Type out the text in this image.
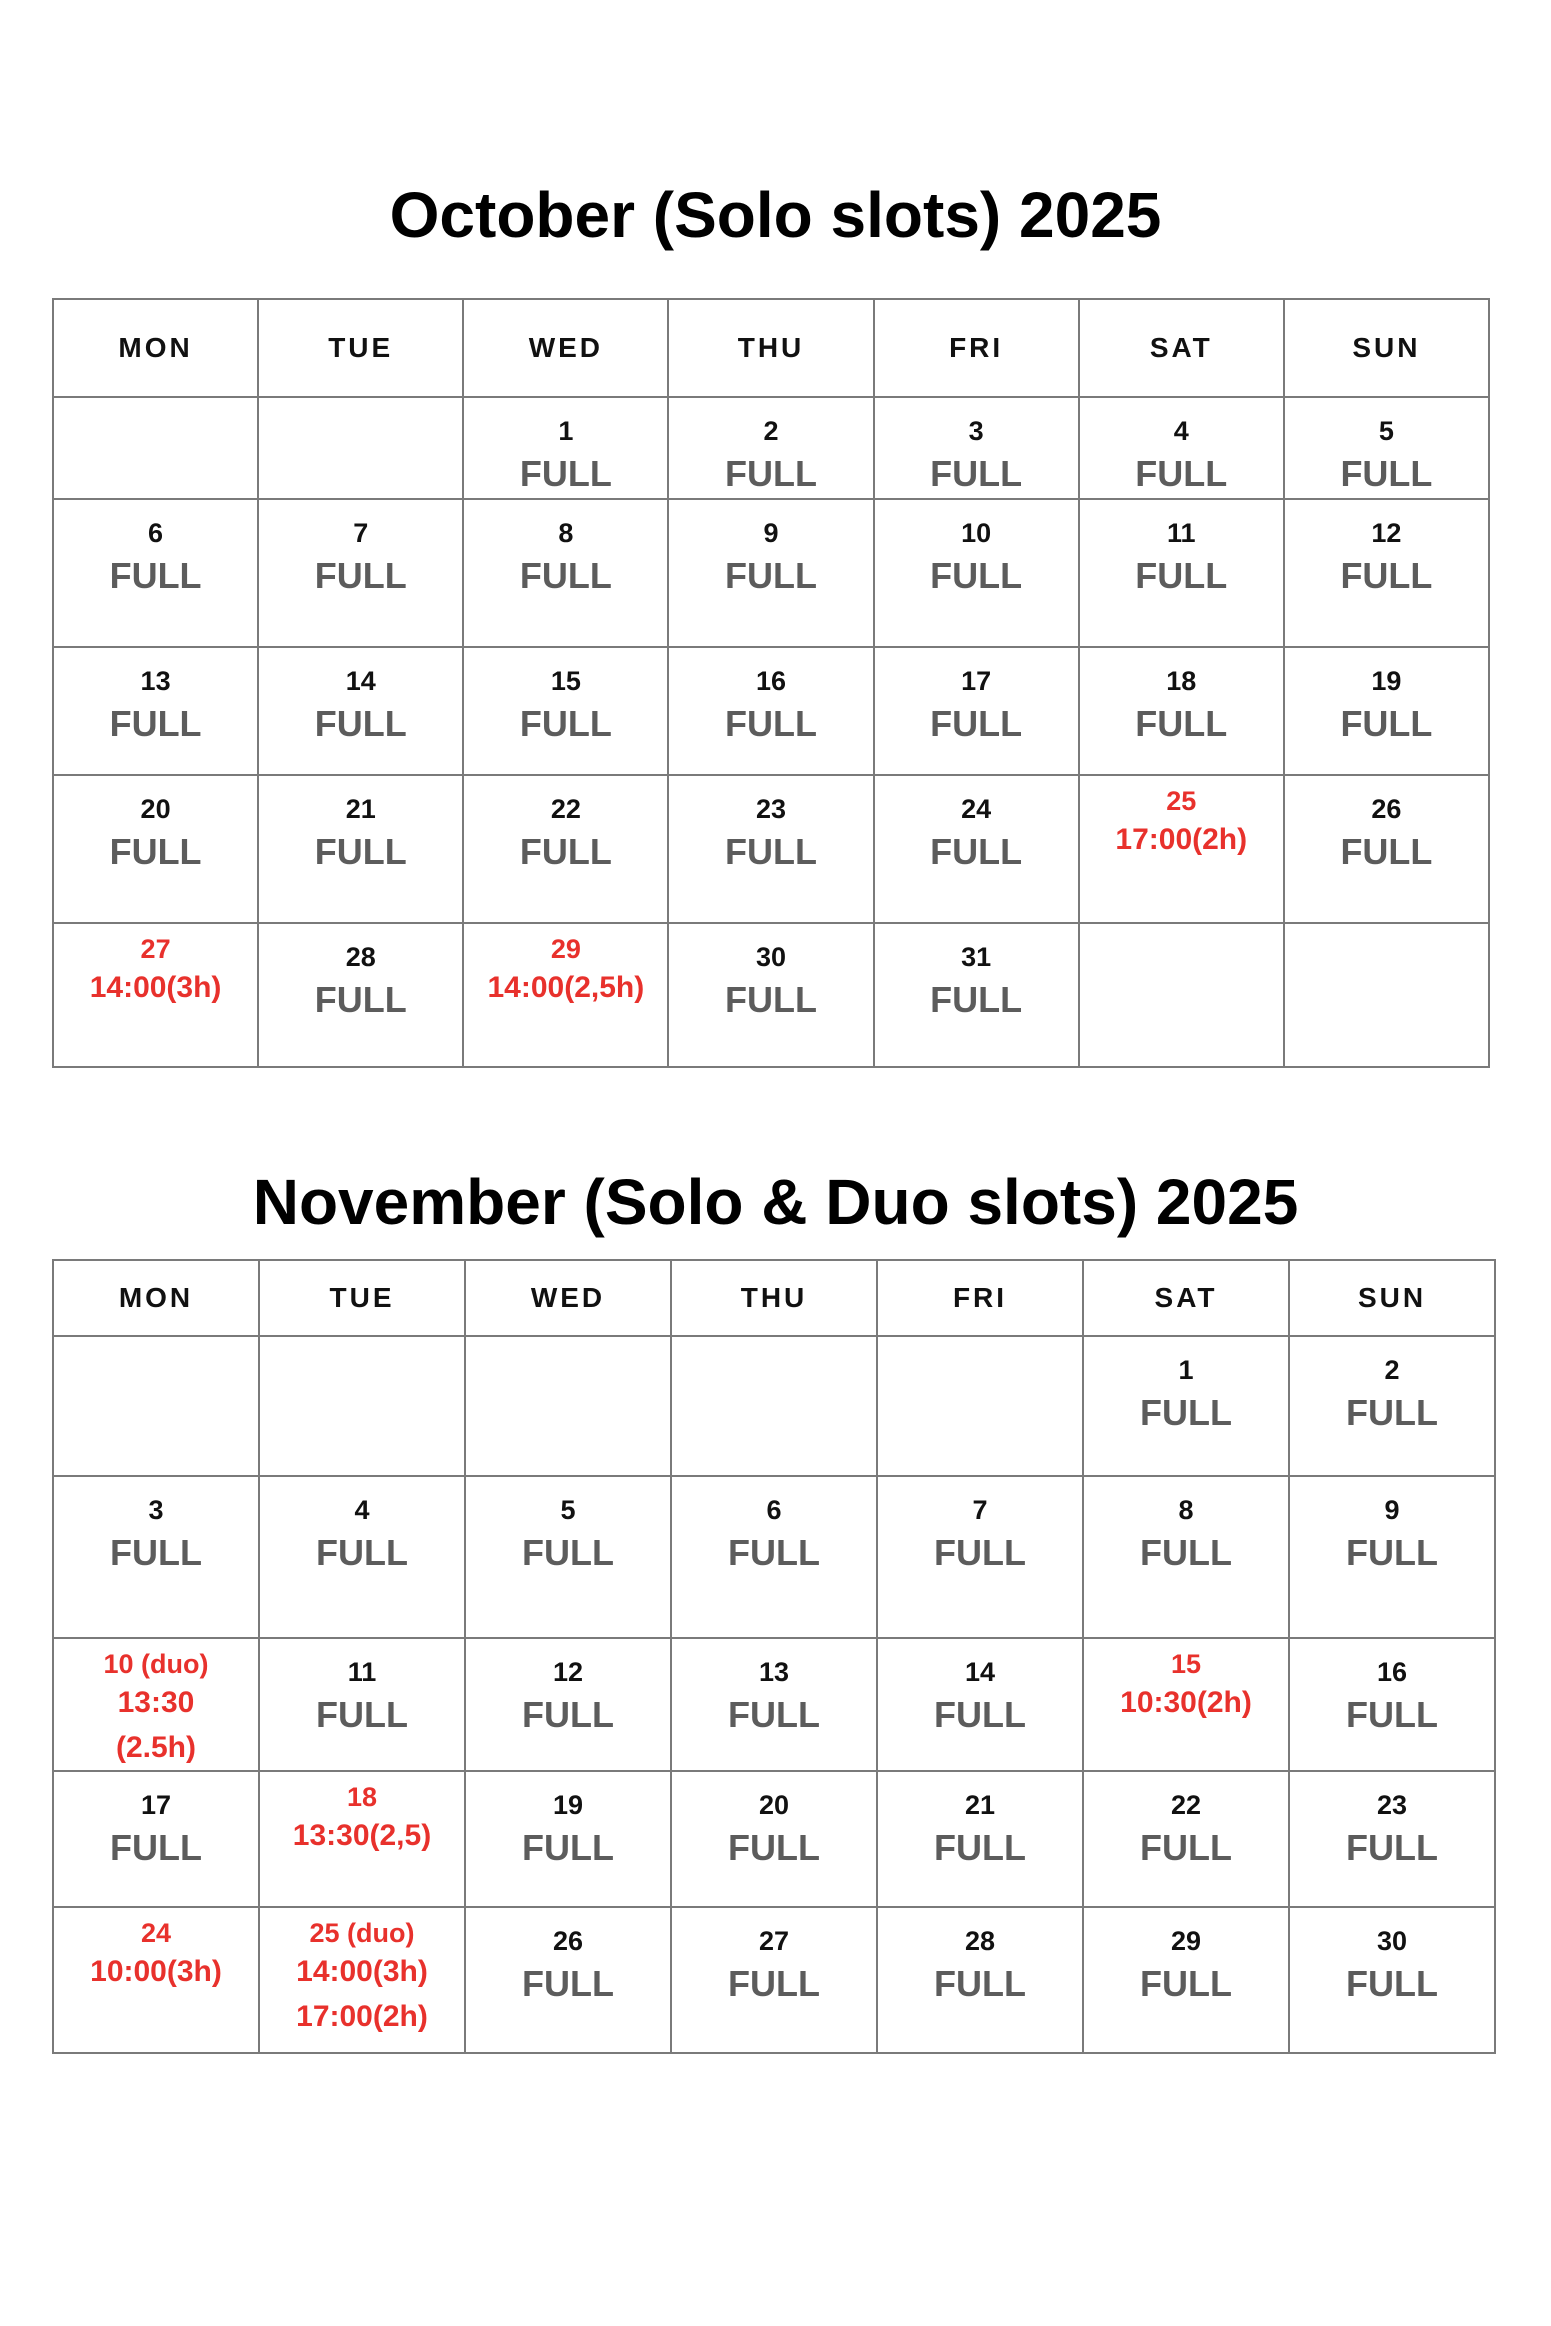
October (Solo slots) 2025
MON	TUE	WED	THU	FRI	SAT	SUN

		1
FULL	2
FULL	3
FULL	4
FULL	5
FULL

6
FULL	7
FULL	8
FULL	9
FULL	10
FULL	11
FULL	12
FULL

13
FULL	14
FULL	15
FULL	16
FULL	17
FULL	18
FULL	19
FULL

20
FULL	21
FULL	22
FULL	23
FULL	24
FULL	25
17:00(2h)	26
FULL

27
14:00(3h)	28
FULL	29
14:00(2,5h)	30
FULL	31
FULL		

November (Solo & Duo slots) 2025
MON	TUE	WED	THU	FRI	SAT	SUN

					1
FULL	2
FULL

3
FULL	4
FULL	5
FULL	6
FULL	7
FULL	8
FULL	9
FULL

10 (duo)
13:30
(2.5h)	11
FULL	12
FULL	13
FULL	14
FULL	15
10:30(2h)	16
FULL

17
FULL	18
13:30(2,5)	19
FULL	20
FULL	21
FULL	22
FULL	23
FULL

24
10:00(3h)	25 (duo)
14:00(3h)
17:00(2h)	26
FULL	27
FULL	28
FULL	29
FULL	30
FULL
